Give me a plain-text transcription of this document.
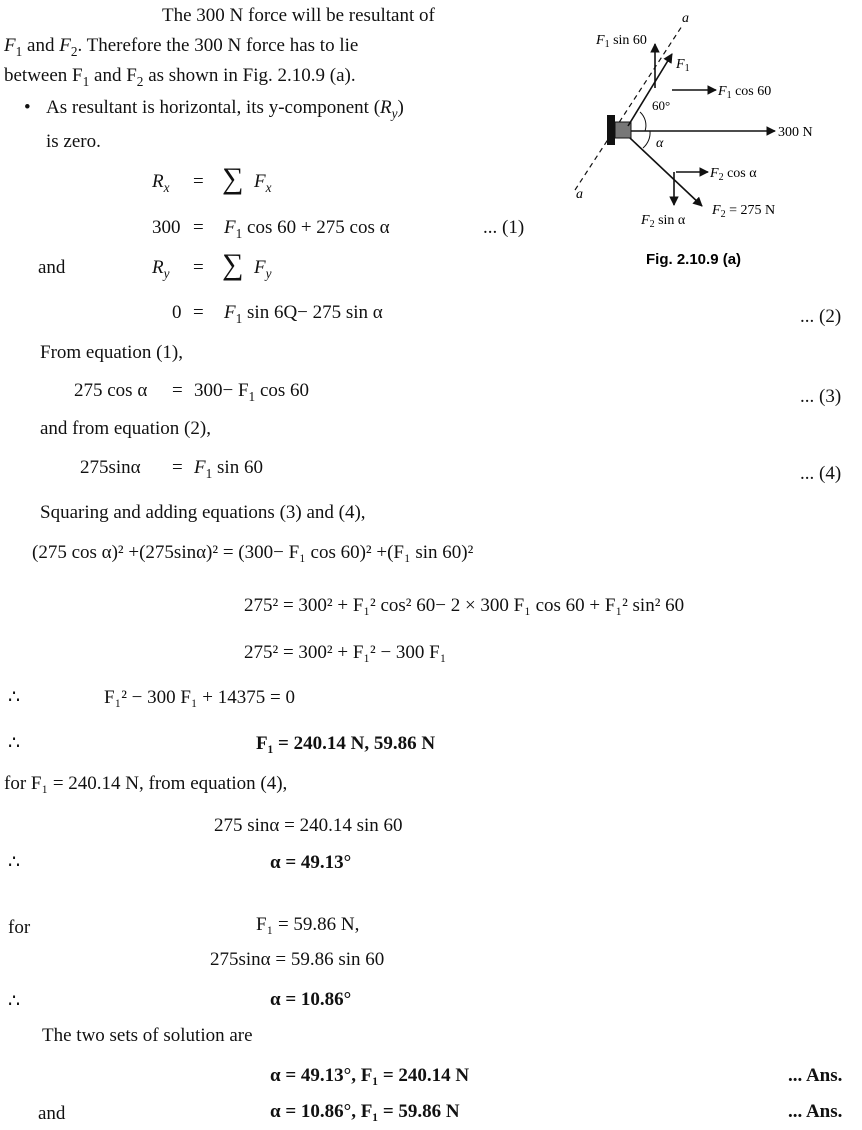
The 300 N force will be resultant of
$F_1$ and $F_2$. Therefore the 300 N force has to lie
between $F_1$ and $F_2$ as shown in Fig. 2.10.9 (a).
• As resultant is horizontal, its y-component $(R_y)$
is zero.
$R_x$ = ∑ $F_x$
$300 = F_1$ cos 60 + 275 cos α	... (1)
and	$R_y$ = ∑ $F_y$
$0 = F_1$ sin 6Q− 275 sin α	... (2)
From equation (1),
275 $\cos \alpha = 300- F_1$ cos 60	... (3)
and from equation (2),
$275\sin\alpha = F_1$ sin 60	... (4)
Squaring and adding equations (3) and (4),
(275 cos α)² +(275sinα)² = (300− F₁ cos 60)² +(F₁ sin 60)²
275² = 300² + F₁² cos² 60− 2 × 300 F₁ cos 60 + F₁² sin² 60
275² = 300² + F₁² − 300 F₁
∴	F₁² − 300 F₁ + 14375 = 0
∴	F₁ = 240.14 N, 59.86 N
for F₁ = 240.14 N, from equation (4),
275 sinα = 240.14 sin 60
∴	α = 49.13°
for	F₁ = 59.86 N,
275sinα = 59.86 sin 60
∴	α = 10.86°
The two sets of solution are
α = 49.13°, F₁ = 240.14 N	... Ans.
and	α = 10.86°, F₁ = 59.86 N	... Ans.
a
a
$F_1$ sin 60
$F_1$
$F_1$ cos 60
60°
α
300 N
$F_2$ cos α
$F_2$ sin α
$F_2 = 275$ N
Fig. 2.10.9 (a)
